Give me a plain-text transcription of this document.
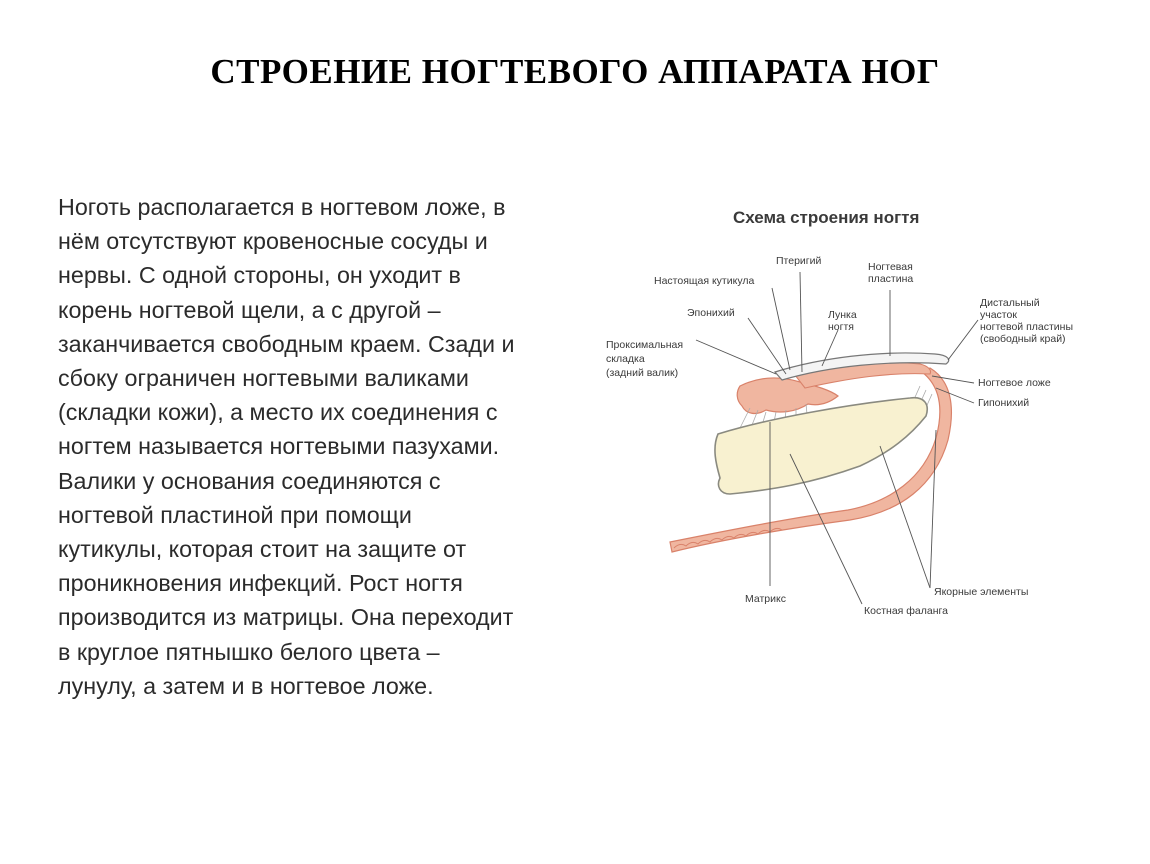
СТРОЕНИЕ НОГТЕВОГО АППАРАТА НОГ
Ноготь располагается в ногтевом ложе, в
нём отсутствуют кровеносные сосуды и
нервы. С одной стороны, он уходит в
корень ногтевой щели, а с другой –
заканчивается свободным краем. Сзади и
сбоку ограничен ногтевыми валиками
(складки кожи), а место их соединения с
ногтем называется ногтевыми пазухами.
Валики у основания соединяются с
ногтевой пластиной при помощи
кутикулы, которая стоит на защите от
проникновения инфекций. Рост ногтя
производится из матрицы. Она переходит
в круглое пятнышко белого цвета –
лунулу, а затем и в ногтевое ложе.
Схема строения ногтя
Птеригий
Настоящая кутикула
Ногтевая
пластина
Эпонихий	Лунка
ногтя
Проксимальная
складка
(задний валик)
Дистальный
участок
ногтевой пластины
(свободный край)
Ногтевое ложе
Гипонихий
Якорные элементы
Матрикс
Костная фаланга
